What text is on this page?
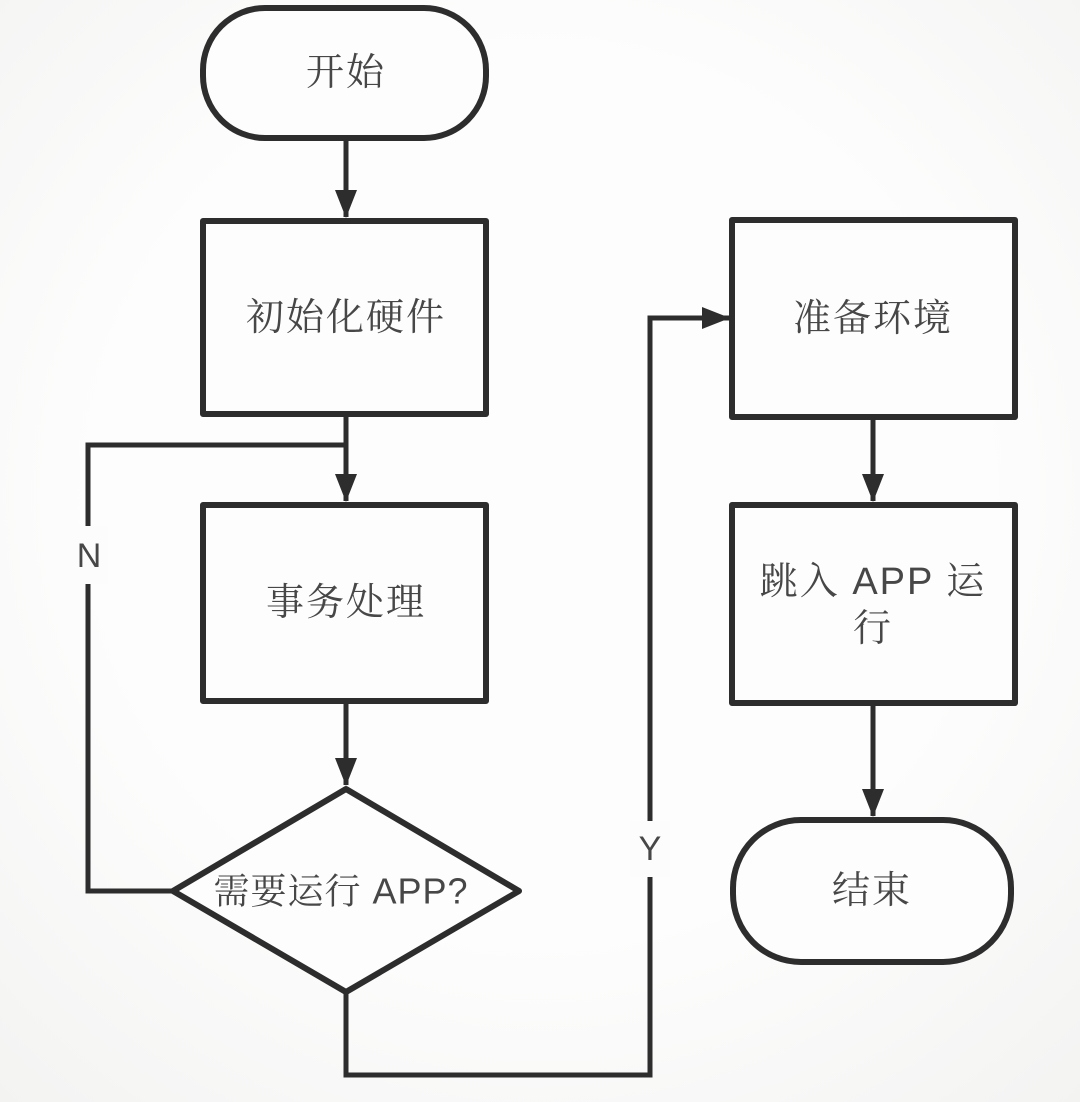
N
Y
开始
初始化硬件
事务处理
需要运行 APP?
准备环境
跳入 APP 运
行
结束
